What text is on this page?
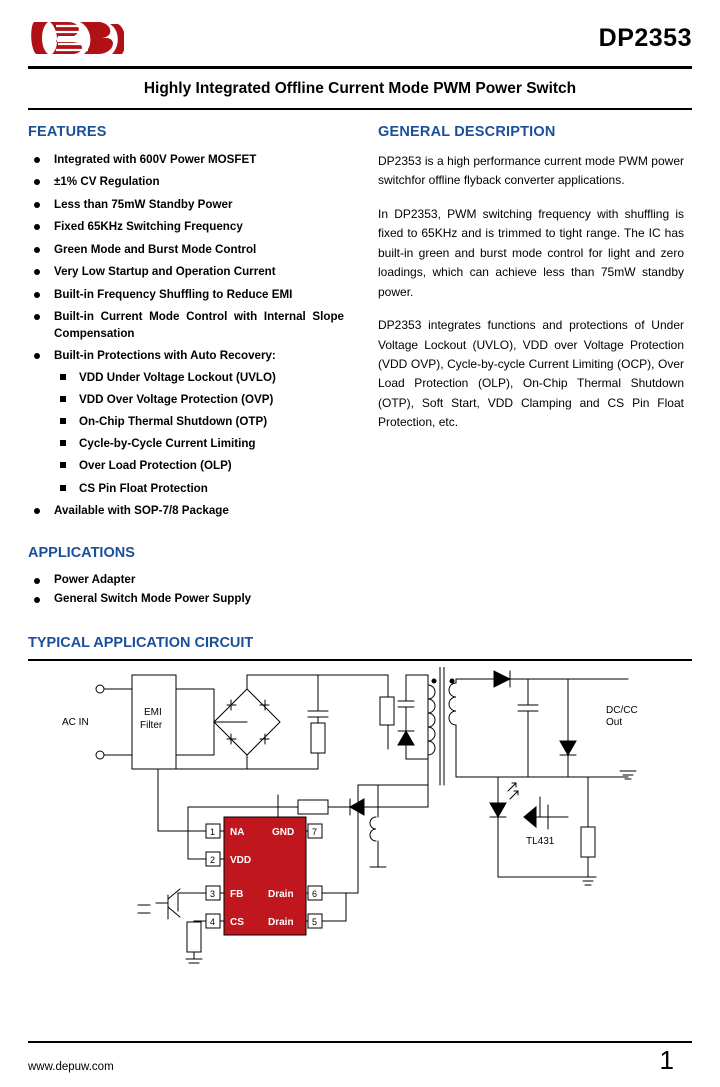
DP2353
Highly Integrated Offline Current Mode PWM Power Switch
FEATURES
Integrated with 600V Power MOSFET
±1% CV Regulation
Less than 75mW Standby Power
Fixed 65KHz Switching Frequency
Green Mode and Burst Mode Control
Very Low Startup and Operation Current
Built-in Frequency Shuffling to Reduce EMI
Built-in Current Mode Control with Internal Slope Compensation
Built-in Protections with Auto Recovery:
VDD Under Voltage Lockout (UVLO)
VDD Over Voltage Protection (OVP)
On-Chip Thermal Shutdown (OTP)
Cycle-by-Cycle Current Limiting
Over Load Protection (OLP)
CS Pin Float Protection
Available with SOP-7/8 Package
APPLICATIONS
Power Adapter
General Switch Mode Power Supply
GENERAL DESCRIPTION

DP2353 is a high performance current mode PWM power switchfor offline flyback converter applications.

In DP2353, PWM switching frequency with shuffling is fixed to 65KHz and is trimmed to tight range. The IC has built-in green and burst mode control for light and zero loadings, which can achieve less than 75mW standby power.

DP2353 integrates functions and protections of Under Voltage Lockout (UVLO), VDD over Voltage Protection (VDD OVP), Cycle-by-cycle Current Limiting (OCP), Over Load Protection (OLP), On-Chip Thermal Shutdown (OTP), Soft Start, VDD Clamping and CS Pin Float Protection, etc.

TYPICAL APPLICATION CIRCUIT
AC IN
EMI
Filter
DC/CC
Out
TL431
NA
VDD
FB
CS
GND
Drain
Drain
1
2
3
4
7
6
5
www.depuw.com	1
